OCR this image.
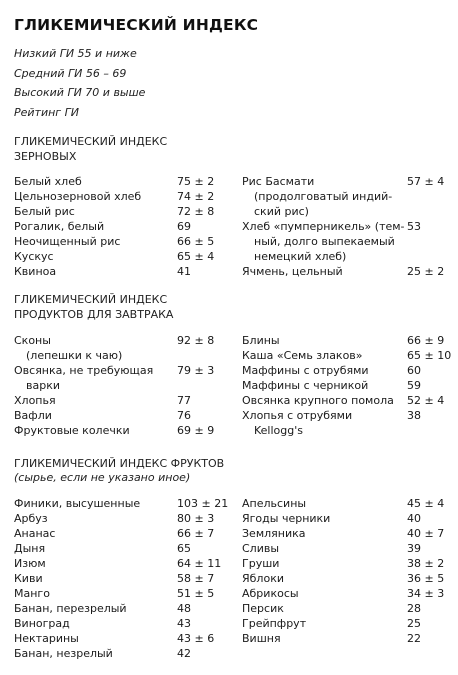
ГЛИКЕМИЧЕСКИЙ ИНДЕКС
Низкий ГИ 55 и ниже
Средний ГИ 56 – 69
Высокий ГИ 70 и выше
Рейтинг ГИ
ГЛИКЕМИЧЕСКИЙ ИНДЕКС
ЗЕРНОВЫХ
Белый хлеб	75 ± 2
Цельнозерновой хлеб	74 ± 2
Белый рис	72 ± 8
Рогалик, белый	69
Неочищенный рис	66 ± 5
Кускус	65 ± 4
Квиноа	41
Рис Басмати	57 ± 4
(продолговатый индий-
ский рис)
Хлеб «пумперникель» (тем- 53
ный, долго выпекаемый
немецкий хлеб)
Ячмень, цельный	25 ± 2
ГЛИКЕМИЧЕСКИЙ ИНДЕКС
ПРОДУКТОВ ДЛЯ ЗАВТРАКА
Сконы	92 ± 8
(лепешки к чаю)
Овсянка, не требующая 79 ± 3
варки
Хлопья	77
Вафли	76
Фруктовые колечки	69 ± 9
Блины	66 ± 9
Каша «Семь злаков»	65 ± 10
Маффины с отрубями	60
Маффины с черникой	59
Овсянка крупного помола 52 ± 4
Хлопья с отрубями	38
Kellogg's
ГЛИКЕМИЧЕСКИЙ ИНДЕКС ФРУКТОВ
(сырье, если не указано иное)
Финики, высушенные	103 ± 21
Арбуз	80 ± 3
Ананас	66 ± 7
Дыня	65
Изюм	64 ± 11
Киви	58 ± 7
Манго	51 ± 5
Банан, перезрелый	48
Виноград	43
Нектарины	43 ± 6
Банан, незрелый	42
Апельсины	45 ± 4
Ягоды черники	40
Земляника	40 ± 7
Сливы	39
Груши	38 ± 2
Яблоки	36 ± 5
Абрикосы	34 ± 3
Персик	28
Грейпфрут	25
Вишня	22
